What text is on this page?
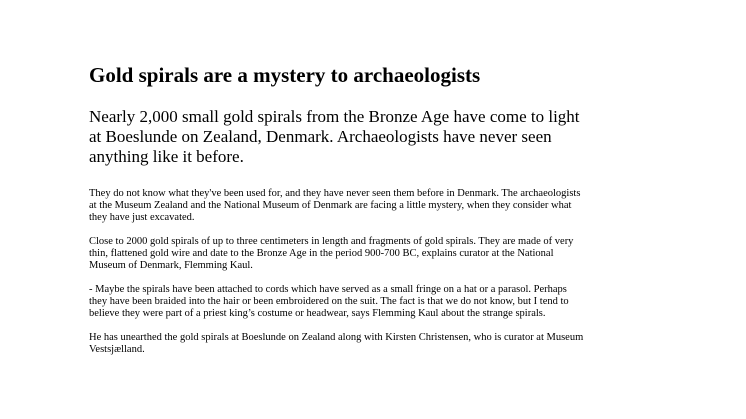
Gold spirals are a mystery to archaeologists

Nearly 2,000 small gold spirals from the Bronze Age have come to light at Boeslunde on Zealand, Denmark. Archaeologists have never seen anything like it before.

They do not know what they've been used for, and they have never seen them before in Denmark. The archaeologists at the Museum Zealand and the National Museum of Denmark are facing a little mystery, when they consider what they have just excavated.

Close to 2000 gold spirals of up to three centimeters in length and fragments of gold spirals. They are made of very thin, flattened gold wire and date to the Bronze Age in the period 900-700 BC, explains curator at the National Museum of Denmark, Flemming Kaul.

- Maybe the spirals have been attached to cords which have served as a small fringe on a hat or a parasol. Perhaps they have been braided into the hair or been embroidered on the suit. The fact is that we do not know, but I tend to believe they were part of a priest king’s costume or headwear, says Flemming Kaul about the strange spirals.

He has unearthed the gold spirals at Boeslunde on Zealand along with Kirsten Christensen, who is curator at Museum Vestsjælland.
